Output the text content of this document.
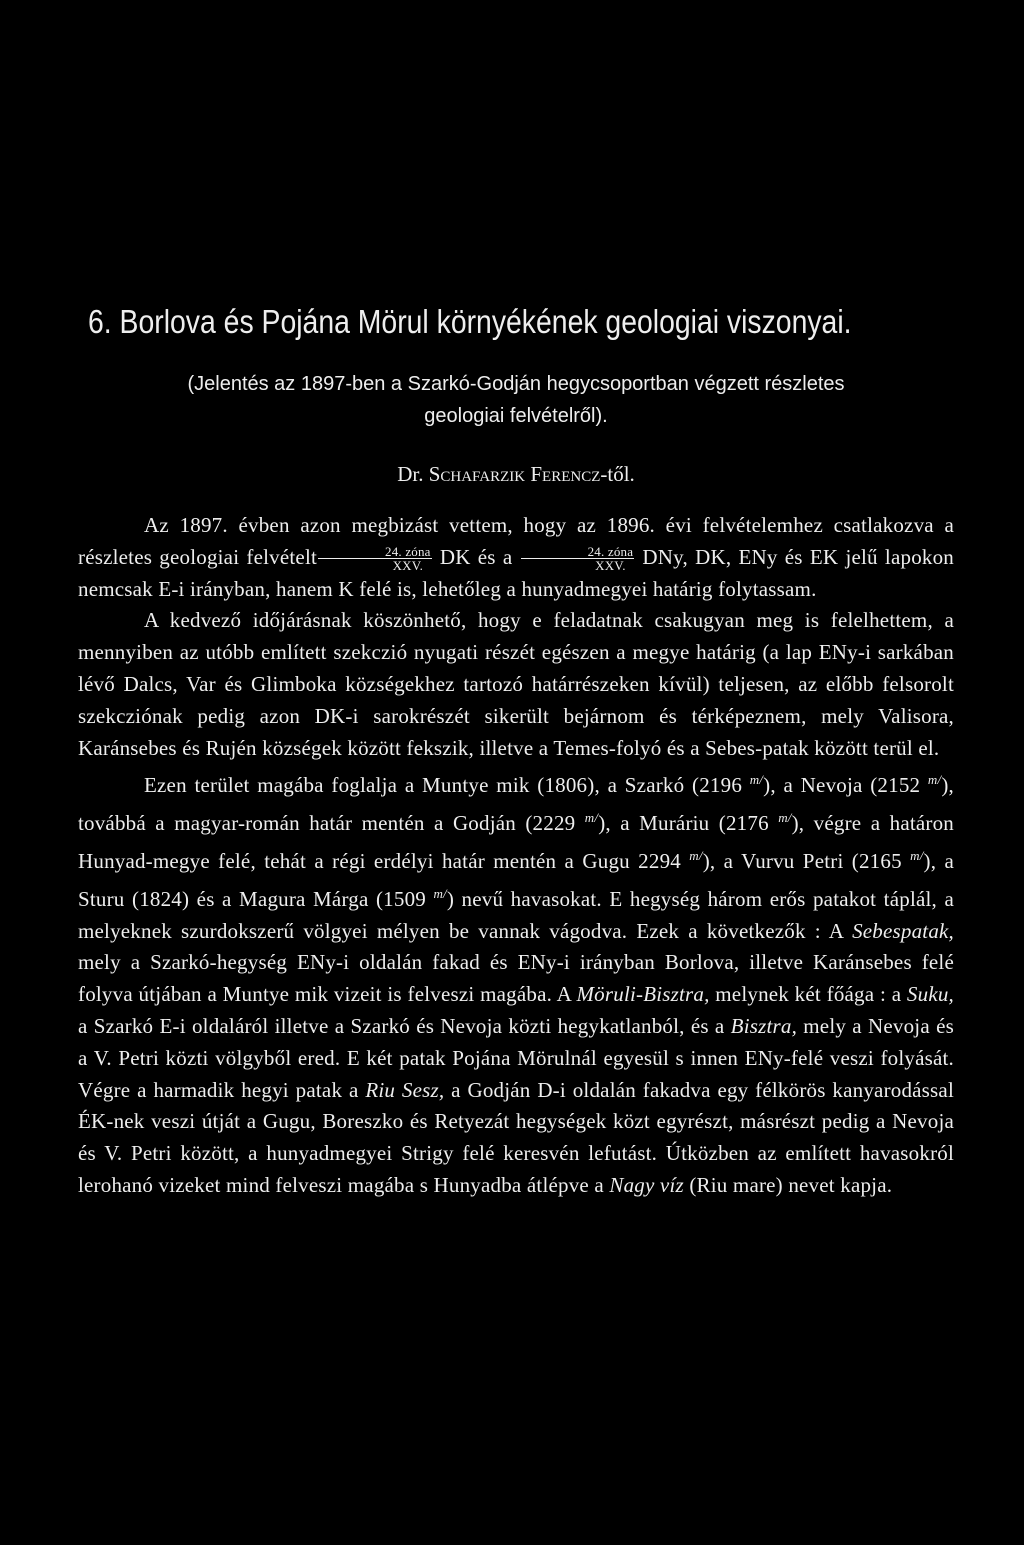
6. Borlova és Pojána Mörul környékének geologiai viszonyai.
(Jelentés az 1897-ben a Szarkó-Godján hegycsoportban végzett részletes
geologiai felvételről).
Dr. Schafarzik Ferencz-től.

Az 1897. évben azon megbizást vettem, hogy az 1896. évi felvételemhez csatlakozva a részletes geologiai felvételt $\frac{\text{24. zóna}}{\text{XXV.}}$ DK és a $\frac{\text{24. zóna}}{\text{XXV.}}$ DNy, DK, ENy és EK jelű lapokon nemcsak E-i irányban, hanem K felé is, lehetőleg a hunyadmegyei határig folytassam.

A kedvező időjárásnak köszönhető, hogy e feladatnak csakugyan meg is felelhettem, a mennyiben az utóbb említett szekczió nyugati részét egészen a megye határig (a lap ENy-i sarkában lévő Dalcs, Var és Glimboka községekhez tartozó határrészeken kívül) teljesen, az előbb felsorolt szekcziónak pedig azon DK-i sarokrészét sikerült bejárnom és térképeznem, mely Valisora, Karánsebes és Rujén községek között fekszik, illetve a Temes-folyó és a Sebes-patak között terül el.

Ezen terület magába foglalja a Muntye mik (1806), a Szarkó (2196 $^{m/}$), a Nevoja (2152 $^{m/}$), továbbá a magyar-román határ mentén a Godján (2229 $^{m/}$), a Muráriu (2176 $^{m/}$), végre a határon Hunyad-megye felé, tehát a régi erdélyi határ mentén a Gugu 2294 $^{m/}$), a Vurvu Petri (2165 $^{m/}$), a Sturu (1824) és a Magura Márga (1509 $^{m/}$) nevű havasokat. E hegység három erős patakot táplál, a melyeknek szurdokszerű völgyei mélyen be vannak vágodva. Ezek a következők : A Sebespatak, mely a Szarkó-hegység ENy-i oldalán fakad és ENy-i irányban Borlova, illetve Karánsebes felé folyva útjában a Muntye mik vizeit is felveszi magába. A Möruli-Bisztra, melynek két főága : a Suku, a Szarkó E-i oldaláról illetve a Szarkó és Nevoja közti hegykatlanból, és a Bisztra, mely a Nevoja és a V. Petri közti völgyből ered. E két patak Pojána Mörulnál egyesül s innen ENy-felé veszi folyását. Végre a harmadik hegyi patak a Riu Sesz, a Godján D-i oldalán fakadva egy félkörös kanyarodással ÉK-nek veszi útját a Gugu, Boreszko és Retyezát hegységek közt egyrészt, másrészt pedig a Nevoja és V. Petri között, a hunyadmegyei Strigy felé keresvén lefutást. Útközben az említett havasokról lerohanó vizeket mind felveszi magába s Hunyadba átlépve a Nagy víz (Riu mare) nevet kapja.
